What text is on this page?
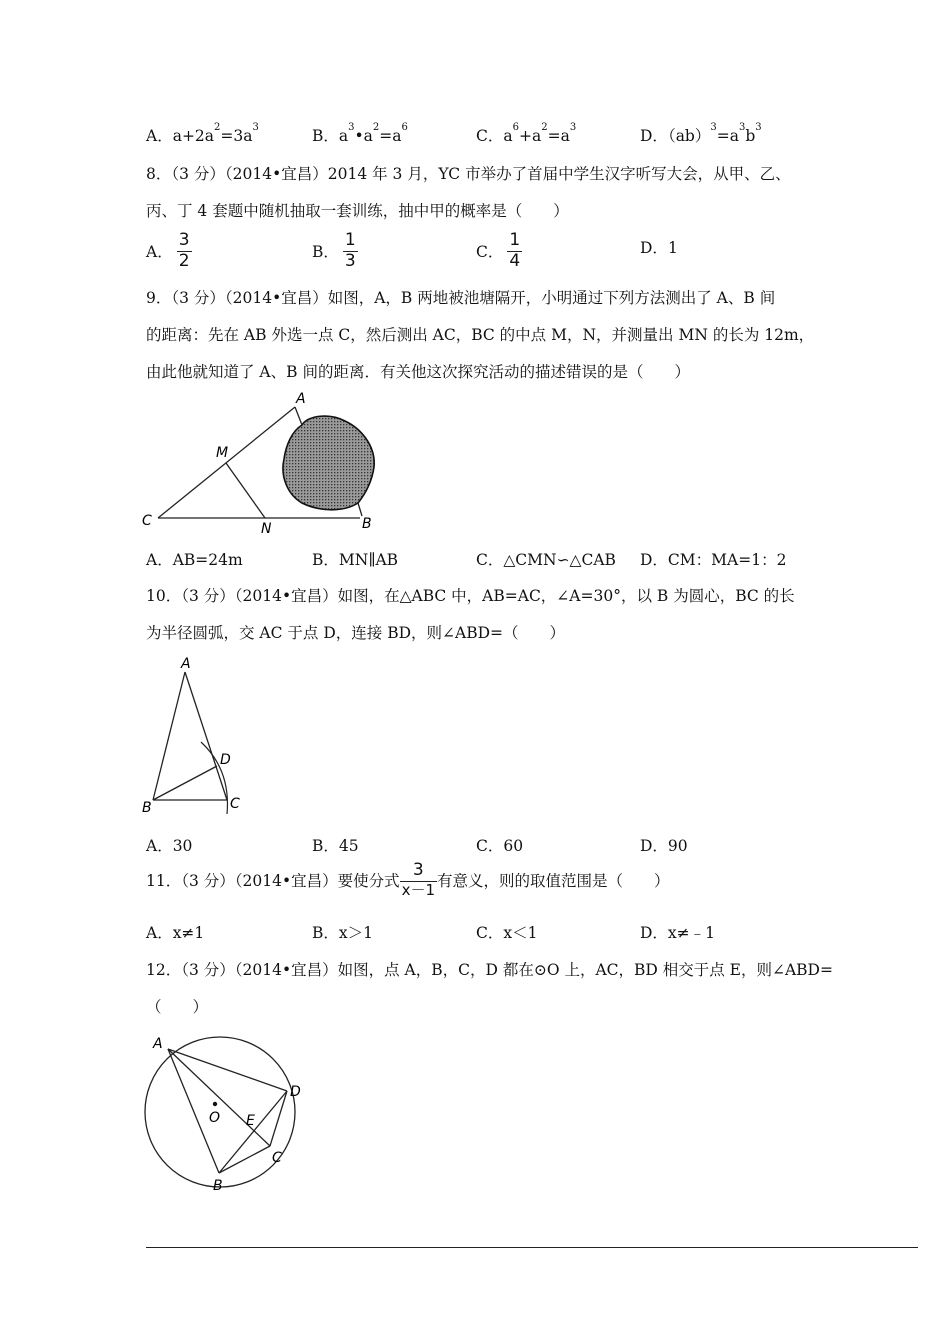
A．$a+2a^2=3a^3$	B．$a^3•a^2=a^6$	C．$a^6+a^2=a^3$	D．$(ab)^3=a^3b^3$
8．（3 分）（2014•宜昌）2014 年 3 月，YC 市举办了首届中学生汉字听写大会，从甲、乙、
丙、丁 4 套题中随机抽取一套训练，抽中甲的概率是（　　）
A． $\frac{3}{2}$	B． $\frac{1}{3}$	C． $\frac{1}{4}$	D．1
9．（3 分）（2014•宜昌）如图，A，B 两地被池塘隔开，小明通过下列方法测出了 A、B 间
的距离：先在 AB 外选一点 C，然后测出 AC，BC 的中点 M，N，并测量出 MN 的长为 12m，
由此他就知道了 A、B 间的距离．有关他这次探究活动的描述错误的是（　　）
A
M
C	N	B
A．AB=24m	B．MN∥AB	C．△CMN∽△CAB D．CM：MA=1：2
10．（3 分）（2014•宜昌）如图，在△ABC 中，AB=AC，∠A=30°，以 B 为圆心，BC 的长
为半径圆弧，交 AC 于点 D，连接 BD，则∠ABD=（　　）
A
D
B	C
A．30	B．45	C．60	D．90
11．（3 分）（2014•宜昌）要使分式 $\frac{3}{x-1}$ 有意义，则的取值范围是（　　）
A．x≠1	B．x＞1	C．x＜1	D．x≠﹣1
12．（3 分）（2014•宜昌）如图，点 A，B，C，D 都在⊙O 上，AC，BD 相交于点 E，则∠ABD=
（　　）
A
O E
D
C
B
